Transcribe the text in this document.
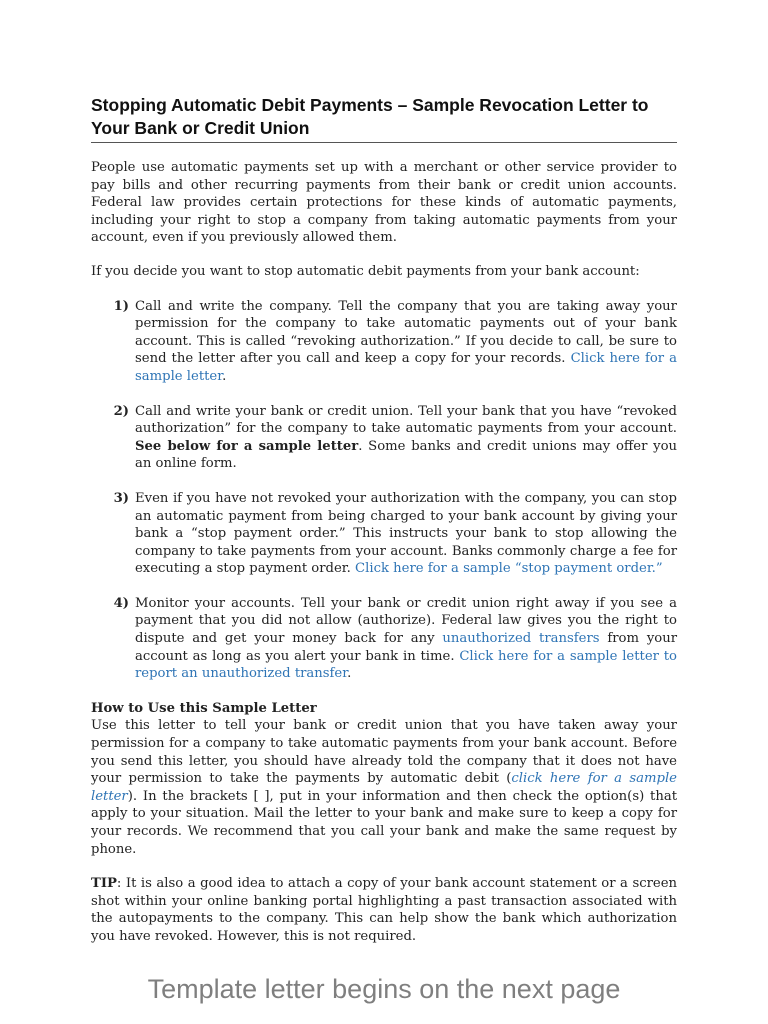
Stopping Automatic Debit Payments – Sample Revocation Letter to Your Bank or Credit Union

People use automatic payments set up with a merchant or other service provider to pay bills and other recurring payments from their bank or credit union accounts. Federal law provides certain protections for these kinds of automatic payments, including your right to stop a company from taking automatic payments from your account, even if you previously allowed them.

If you decide you want to stop automatic debit payments from your bank account:

1) Call and write the company. Tell the company that you are taking away your permission for the company to take automatic payments out of your bank account. This is called “revoking authorization.” If you decide to call, be sure to send the letter after you call and keep a copy for your records. Click here for a sample letter.
2) Call and write your bank or credit union. Tell your bank that you have “revoked authorization” for the company to take automatic payments from your account. See below for a sample letter. Some banks and credit unions may offer you an online form.
3) Even if you have not revoked your authorization with the company, you can stop an automatic payment from being charged to your bank account by giving your bank a “stop payment order.” This instructs your bank to stop allowing the company to take payments from your account. Banks commonly charge a fee for executing a stop payment order. Click here for a sample “stop payment order.”
4) Monitor your accounts. Tell your bank or credit union right away if you see a payment that you did not allow (authorize). Federal law gives you the right to dispute and get your money back for any unauthorized transfers from your account as long as you alert your bank in time. Click here for a sample letter to report an unauthorized transfer.
How to Use this Sample Letter

Use this letter to tell your bank or credit union that you have taken away your permission for a company to take automatic payments from your bank account. Before you send this letter, you should have already told the company that it does not have your permission to take the payments by automatic debit (click here for a sample letter). In the brackets [ ], put in your information and then check the option(s) that apply to your situation. Mail the letter to your bank and make sure to keep a copy for your records. We recommend that you call your bank and make the same request by phone.

TIP: It is also a good idea to attach a copy of your bank account statement or a screen shot within your online banking portal highlighting a past transaction associated with the autopayments to the company. This can help show the bank which authorization you have revoked. However, this is not required.

Template letter begins on the next page
